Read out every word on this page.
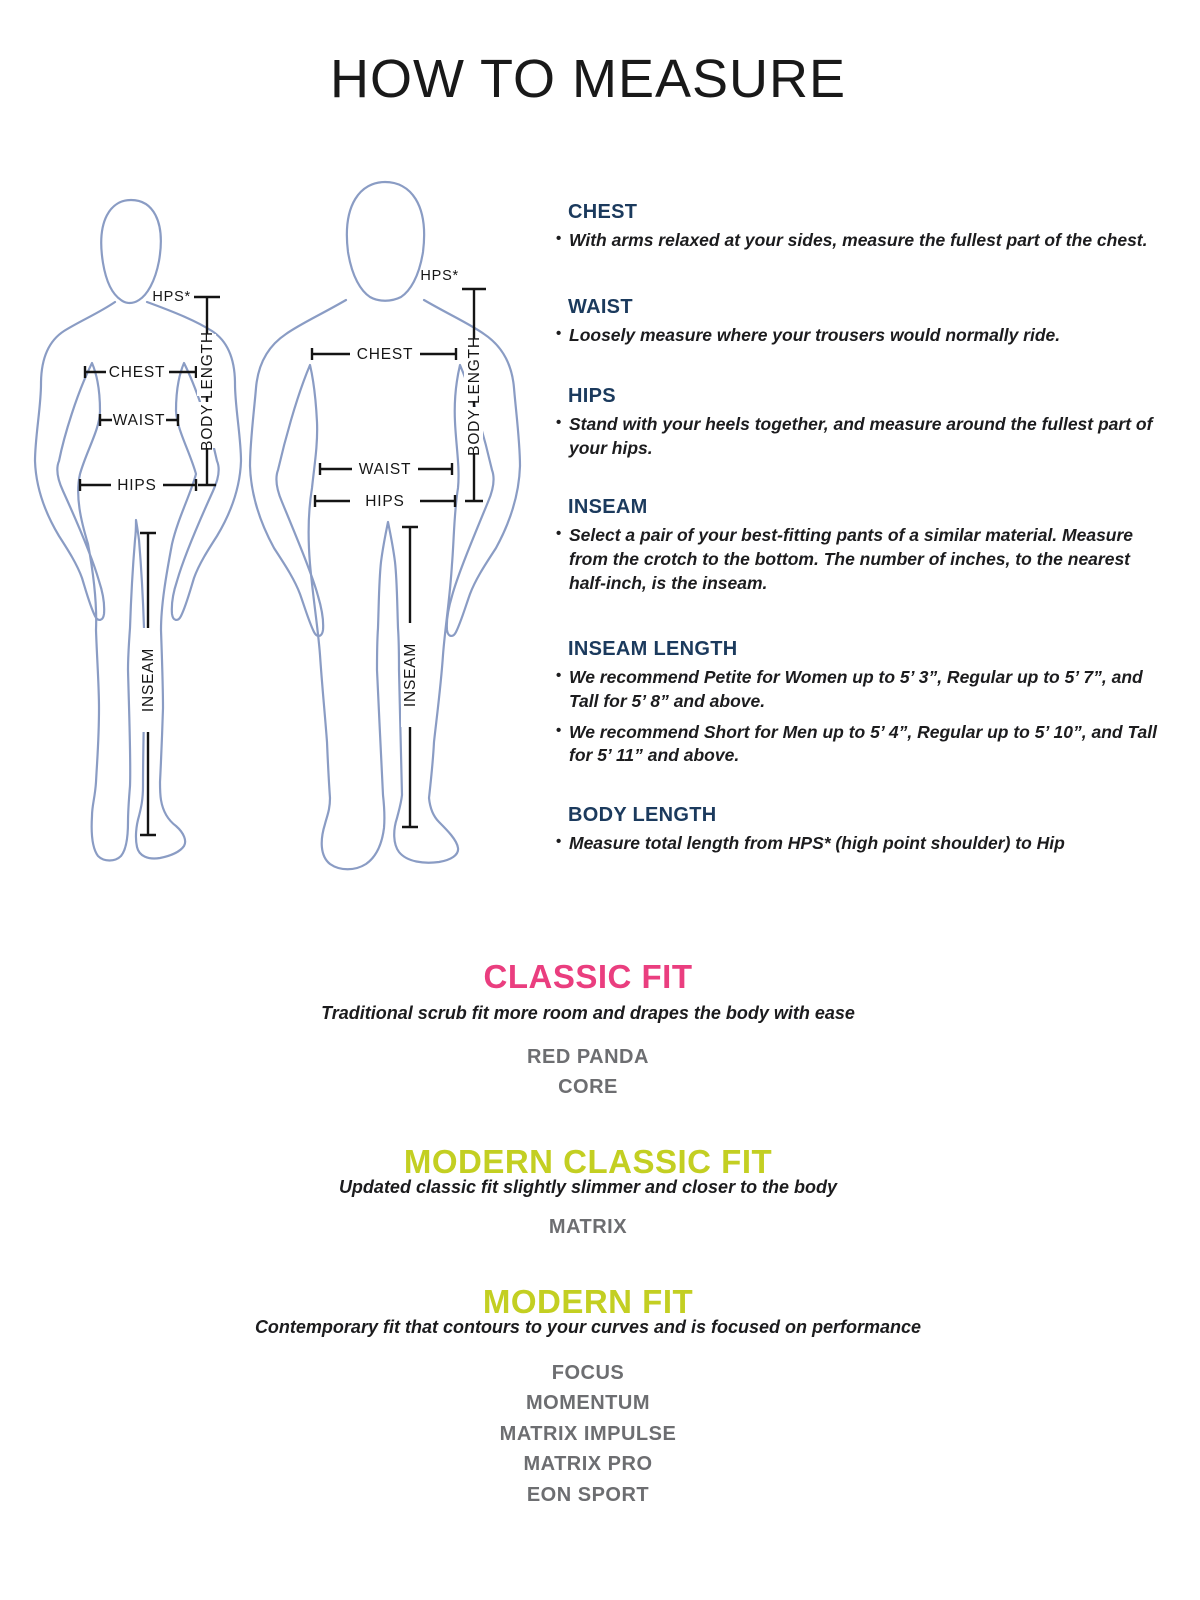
HOW TO MEASURE
CHEST
WAIST
HIPS
HPS*
BODY LENGTH
INSEAM
CHEST
WAIST
HIPS
HPS*
BODY LENGTH
INSEAM
CHEST
• With arms relaxed at your sides, measure the fullest part of the chest.
WAIST
• Loosely measure where your trousers would normally ride.
HIPS
• Stand with your heels together, and measure around the fullest part of your hips.
INSEAM
• Select a pair of your best-fitting pants of a similar material. Measure from the crotch to the bottom. The number of inches, to the nearest half-inch, is the inseam.
INSEAM LENGTH
• We recommend Petite for Women up to 5’ 3”, Regular up to 5’ 7”, and Tall for 5’ 8” and above.
• We recommend Short for Men up to 5’ 4”, Regular up to 5’ 10”, and Tall for 5’ 11” and above.
BODY LENGTH
• Measure total length from HPS* (high point shoulder) to Hip
CLASSIC FIT

Traditional scrub fit more room and drapes the body with ease

RED PANDA

CORE

MODERN CLASSIC FIT

Updated classic fit slightly slimmer and closer to the body

MATRIX

MODERN FIT

Contemporary fit that contours to your curves and is focused on performance

FOCUS

MOMENTUM

MATRIX IMPULSE

MATRIX PRO

EON SPORT
